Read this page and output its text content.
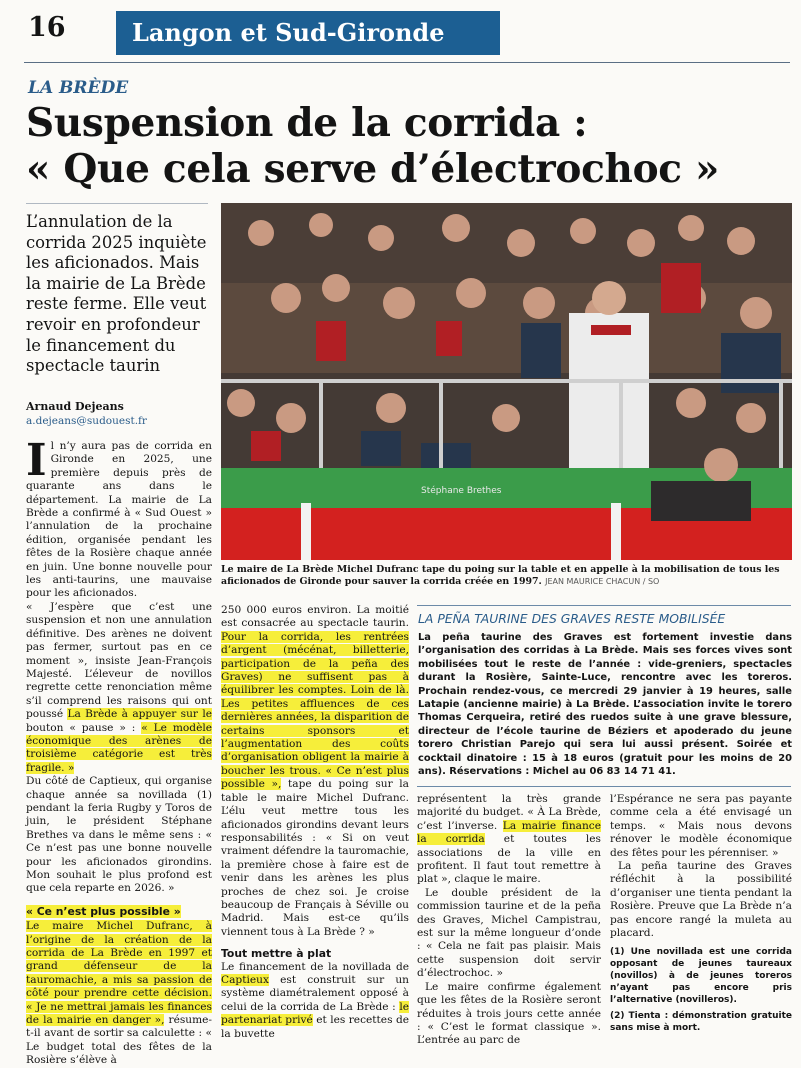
16	Langon et Sud-Gironde
LA BRÈDE
Suspension de la corrida :
« Que cela serve d’électrochoc »
L’annulation de la corrida 2025 inquiète les aficionados. Mais la mairie de La Brède reste ferme. Elle veut revoir en profondeur le financement du spectacle taurin
Arnaud Dejeans
a.dejeans@sudouest.fr
Stéphane Brethes
Le maire de La Brède Michel Dufranc tape du poing sur la table et en appelle à la mobilisation de tous les aficionados de Gironde pour sauver la corrida créée en 1997. JEAN MAURICE CHACUN / SO

Il n’y aura pas de corrida en Gironde en 2025, une première depuis près de quarante ans dans le département. La mairie de La Brède a confirmé à « Sud Ouest » l’annulation de la prochaine édition, organisée pendant les fêtes de la Rosière chaque année en juin. Une bonne nouvelle pour les anti-taurins, une mauvaise pour les aficionados.

« J’espère que c’est une suspension et non une annulation définitive. Des arènes ne doivent pas fermer, surtout pas en ce moment », insiste Jean-François Majesté. L’éleveur de novillos regrette cette renonciation même s’il comprend les raisons qui ont poussé La Brède à appuyer sur le bouton « pause » : « Le modèle économique des arènes de troisième catégorie est très fragile. »

Du côté de Captieux, qui organise chaque année sa novillada (1) pendant la feria Rugby y Toros de juin, le président Stéphane Brethes va dans le même sens : « Ce n’est pas une bonne nouvelle pour les aficionados girondins. Mon souhait le plus profond est que cela reparte en 2026. »

« Ce n’est plus possible »

Le maire Michel Dufranc, à l’origine de la création de la corrida de La Brède en 1997 et grand défenseur de la tauromachie, a mis sa passion de côté pour prendre cette décision. « Je ne mettrai jamais les finances de la mairie en danger », résume-t-il avant de sortir sa calculette : « Le budget total des fêtes de la Rosière s’élève à

250 000 euros environ. La moitié est consacrée au spectacle taurin. Pour la corrida, les rentrées d’argent (mécénat, billetterie, participation de la peña des Graves) ne suffisent pas à équilibrer les comptes. Loin de là. Les petites affluences de ces dernières années, la disparition de certains sponsors et l’augmentation des coûts d’organisation obligent la mairie à boucher les trous. « Ce n’est plus possible », tape du poing sur la table le maire Michel Dufranc. L’élu veut mettre tous les aficionados girondins devant leurs responsabilités : « Si on veut vraiment défendre la tauromachie, la première chose à faire est de venir dans les arènes les plus proches de chez soi. Je croise beaucoup de Français à Séville ou Madrid. Mais est-ce qu’ils viennent tous à La Brède ? »

Tout mettre à plat

Le financement de la novillada de Captieux est construit sur un système diamétralement opposé à celui de la corrida de La Brède : le partenariat privé et les recettes de la buvette

LA PEÑA TAURINE DES GRAVES RESTE MOBILISÉE
La peña taurine des Graves est fortement investie dans l’organisation des corridas à La Brède. Mais ses forces vives sont mobilisées tout le reste de l’année : vide-greniers, spectacles durant la Rosière, Sainte-Luce, rencontre avec les toreros. Prochain rendez-vous, ce mercredi 29 janvier à 19 heures, salle Latapie (ancienne mairie) à La Brède. L’association invite le torero Thomas Cerqueira, retiré des ruedos suite à une grave blessure, directeur de l’école taurine de Béziers et apoderado du jeune torero Christian Parejo qui sera lui aussi présent. Soirée et cocktail dinatoire : 15 à 18 euros (gratuit pour les moins de 20 ans). Réservations : Michel au 06 83 14 71 41.

représentent la très grande majorité du budget. « À La Brède, c’est l’inverse. La mairie finance la corrida et toutes les associations de la ville en profitent. Il faut tout remettre à plat », claque le maire.

Le double président de la commission taurine et de la peña des Graves, Michel Campistrau, est sur la même longueur d’onde : « Cela ne fait pas plaisir. Mais cette suspension doit servir d’électrochoc. »

Le maire confirme également que les fêtes de la Rosière seront réduites à trois jours cette année : « C’est le format classique ». L’entrée au parc de

l’Espérance ne sera pas payante comme cela a été envisagé un temps. « Mais nous devons rénover le modèle économique des fêtes pour les pérenniser. »

La peña taurine des Graves réfléchit à la possibilité d’organiser une tienta pendant la Rosière. Preuve que La Brède n’a pas encore rangé la muleta au placard.

(1) Une novillada est une corrida opposant de jeunes taureaux (novillos) à de jeunes toreros n’ayant pas encore pris l’alternative (novilleros).

(2) Tienta : démonstration gratuite sans mise à mort.
